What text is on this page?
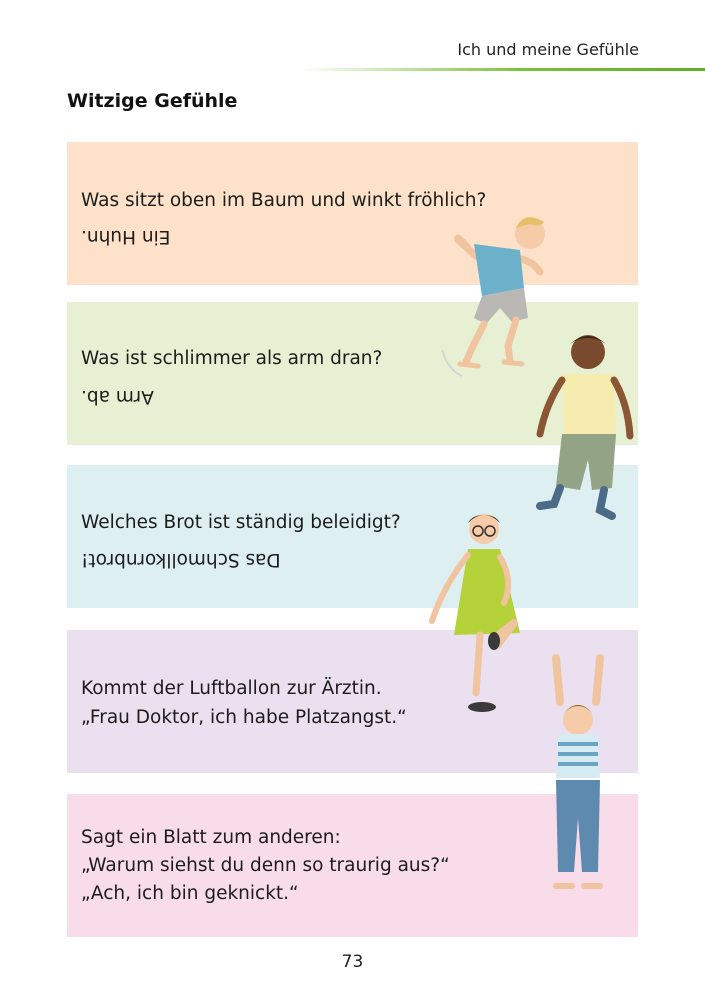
Ich und meine Gefühle
Witzige Gefühle
Was sitzt oben im Baum und winkt fröhlich?
Ein Huhn.
Was ist schlimmer als arm dran?
Arm ab.
Welches Brot ist ständig beleidigt?
Das Schmollkornbrot!
Kommt der Luftballon zur Ärztin.
„Frau Doktor, ich habe Platzangst.“
Sagt ein Blatt zum anderen:
„Warum siehst du denn so traurig aus?“
„Ach, ich bin geknickt.“
73
